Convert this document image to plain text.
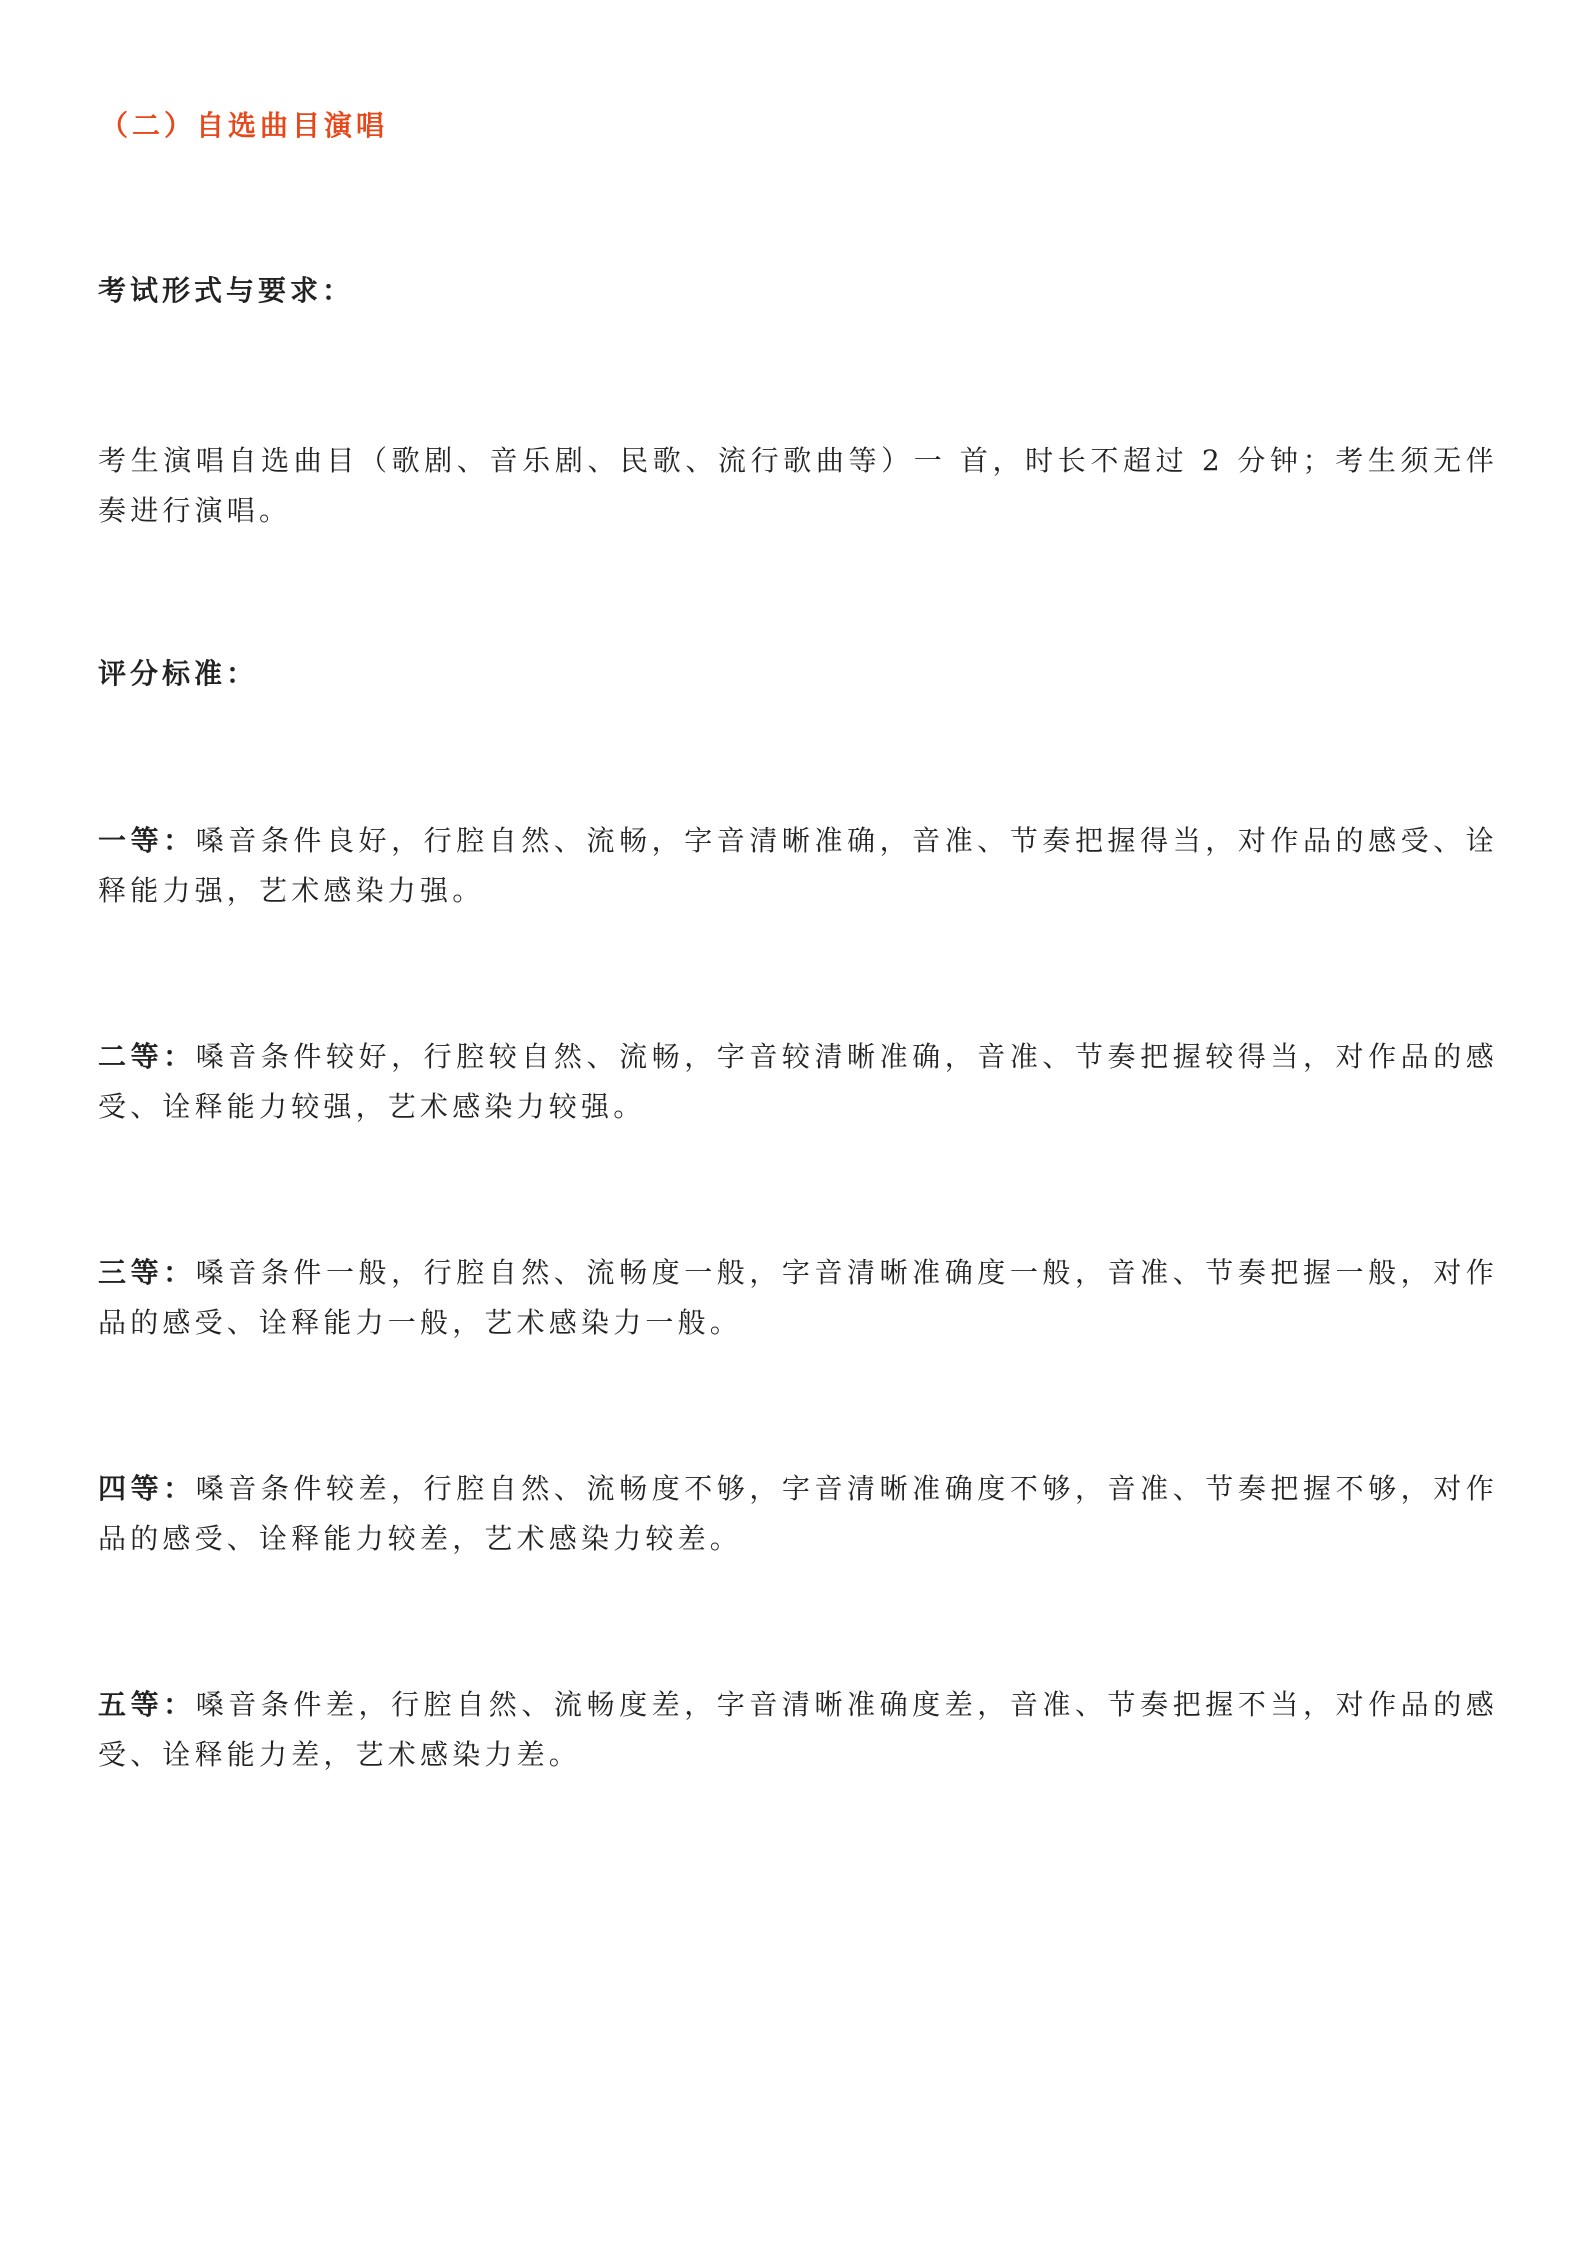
（二）自选曲目演唱
考试形式与要求：
考生演唱自选曲目（歌剧、音乐剧、民歌、流行歌曲等）一 首，时长不超过 2 分钟；考生须无伴奏进行演唱。
评分标准：
一等：嗓音条件良好，行腔自然、流畅，字音清晰准确，音准、节奏把握得当，对作品的感受、诠释能力强，艺术感染力强。
二等：嗓音条件较好，行腔较自然、流畅，字音较清晰准确，音准、节奏把握较得当，对作品的感受、诠释能力较强，艺术感染力较强。
三等：嗓音条件一般，行腔自然、流畅度一般，字音清晰准确度一般，音准、节奏把握一般，对作品的感受、诠释能力一般，艺术感染力一般。
四等：嗓音条件较差，行腔自然、流畅度不够，字音清晰准确度不够，音准、节奏把握不够，对作品的感受、诠释能力较差，艺术感染力较差。
五等：嗓音条件差，行腔自然、流畅度差，字音清晰准确度差，音准、节奏把握不当，对作品的感受、诠释能力差，艺术感染力差。
